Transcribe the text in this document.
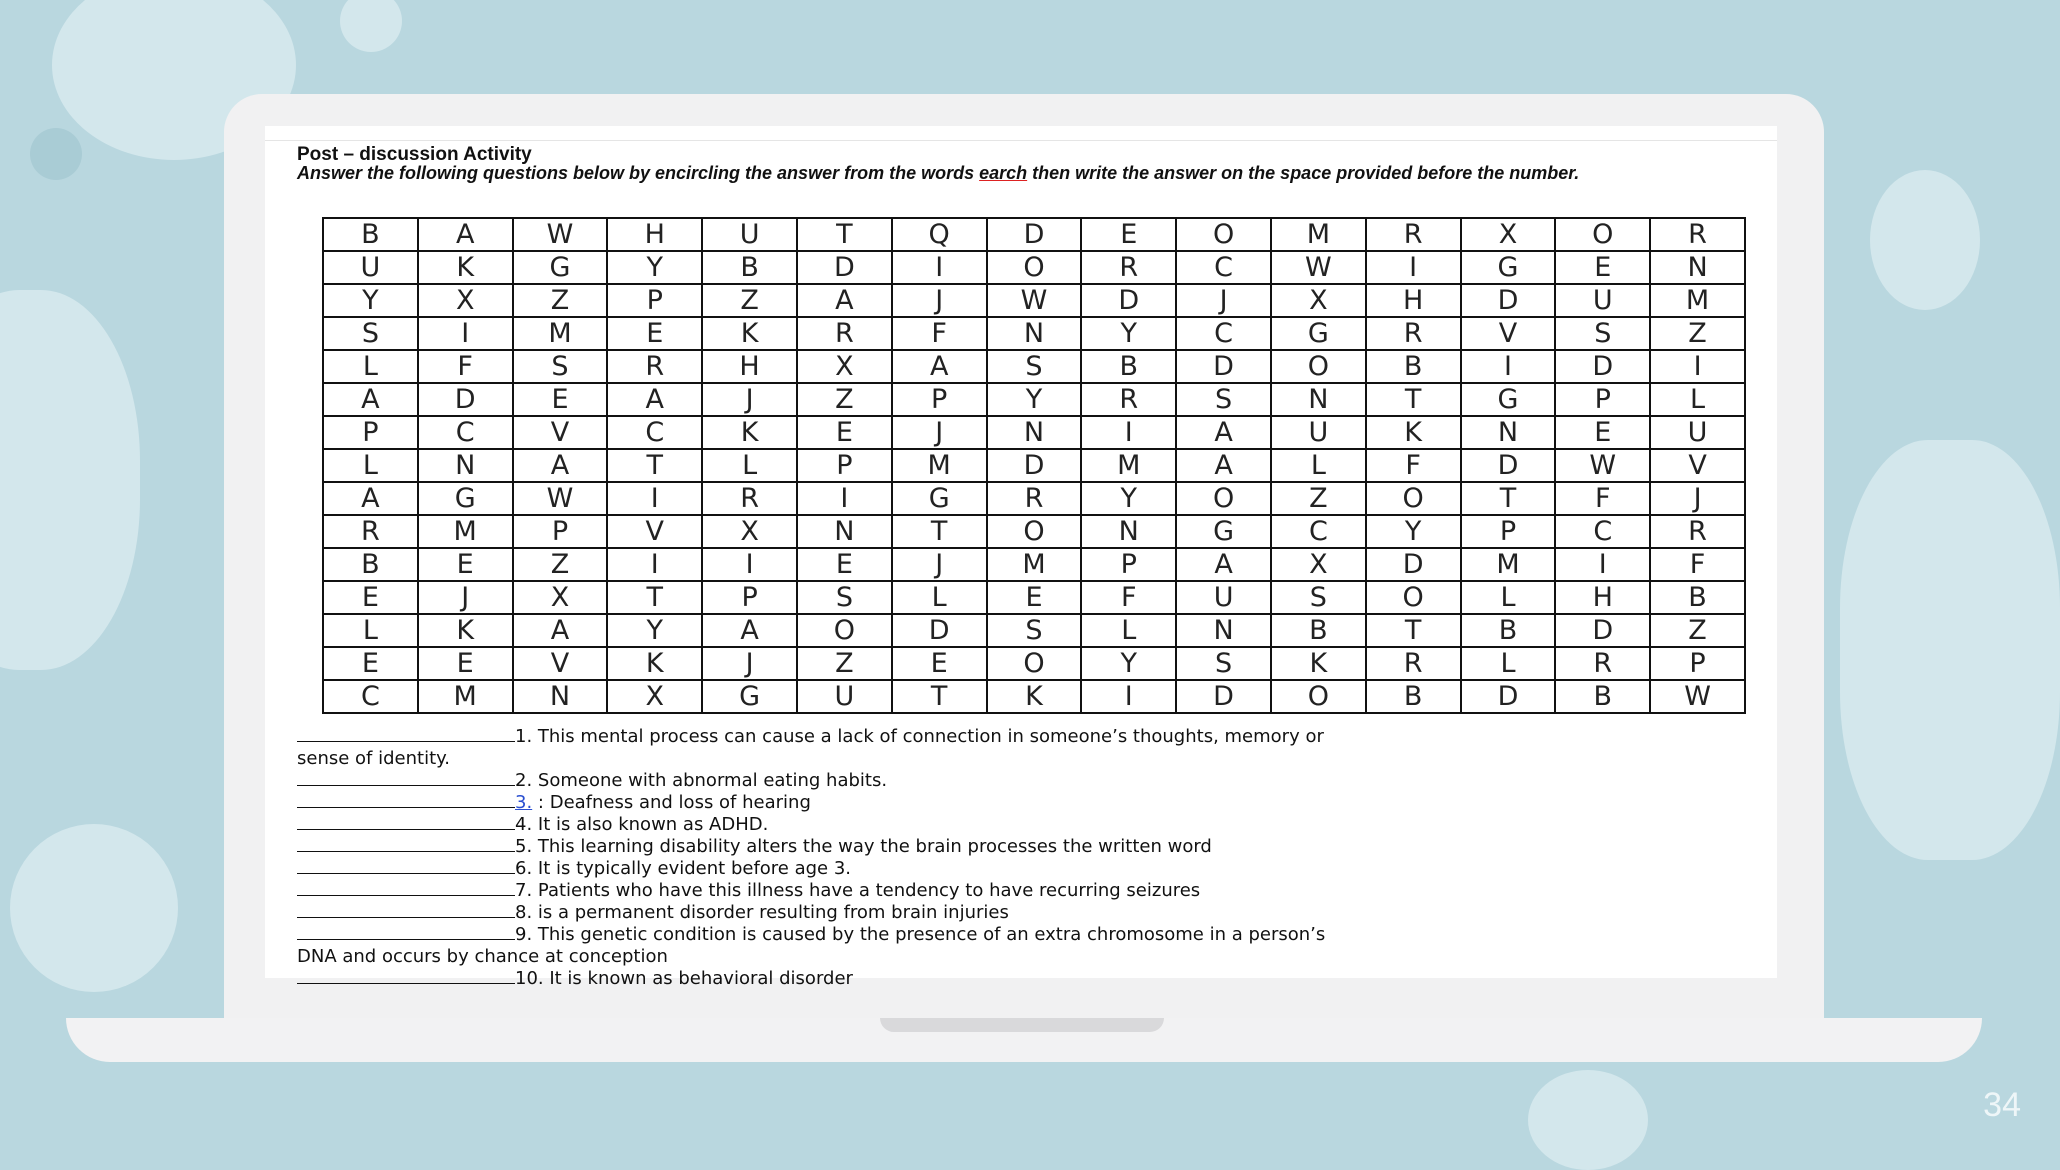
Post – discussion Activity
Answer the following questions below by encircling the answer from the words earch then write the answer on the space provided before the number.
B	A	W	H	U	T	Q	D	E	O	M	R	X	O	R
U	K	G	Y	B	D	I	O	R	C	W	I	G	E	N
Y	X	Z	P	Z	A	J	W	D	J	X	H	D	U	M
S	I	M	E	K	R	F	N	Y	C	G	R	V	S	Z
L	F	S	R	H	X	A	S	B	D	O	B	I	D	I
A	D	E	A	J	Z	P	Y	R	S	N	T	G	P	L
P	C	V	C	K	E	J	N	I	A	U	K	N	E	U
L	N	A	T	L	P	M	D	M	A	L	F	D	W	V
A	G	W	I	R	I	G	R	Y	O	Z	O	T	F	J
R	M	P	V	X	N	T	O	N	G	C	Y	P	C	R
B	E	Z	I	I	E	J	M	P	A	X	D	M	I	F
E	J	X	T	P	S	L	E	F	U	S	O	L	H	B
L	K	A	Y	A	O	D	S	L	N	B	T	B	D	Z
E	E	V	K	J	Z	E	O	Y	S	K	R	L	R	P
C	M	N	X	G	U	T	K	I	D	O	B	D	B	W
1. This mental process can cause a lack of connection in someone’s thoughts, memory or
sense of identity.
2. Someone with abnormal eating habits.
3. : Deafness and loss of hearing
4. It is also known as ADHD.
5. This learning disability alters the way the brain processes the written word
6. It is typically evident before age 3.
7. Patients who have this illness have a tendency to have recurring seizures
8. is a permanent disorder resulting from brain injuries
9. This genetic condition is caused by the presence of an extra chromosome in a person’s
DNA and occurs by chance at conception
10. It is known as behavioral disorder
34
